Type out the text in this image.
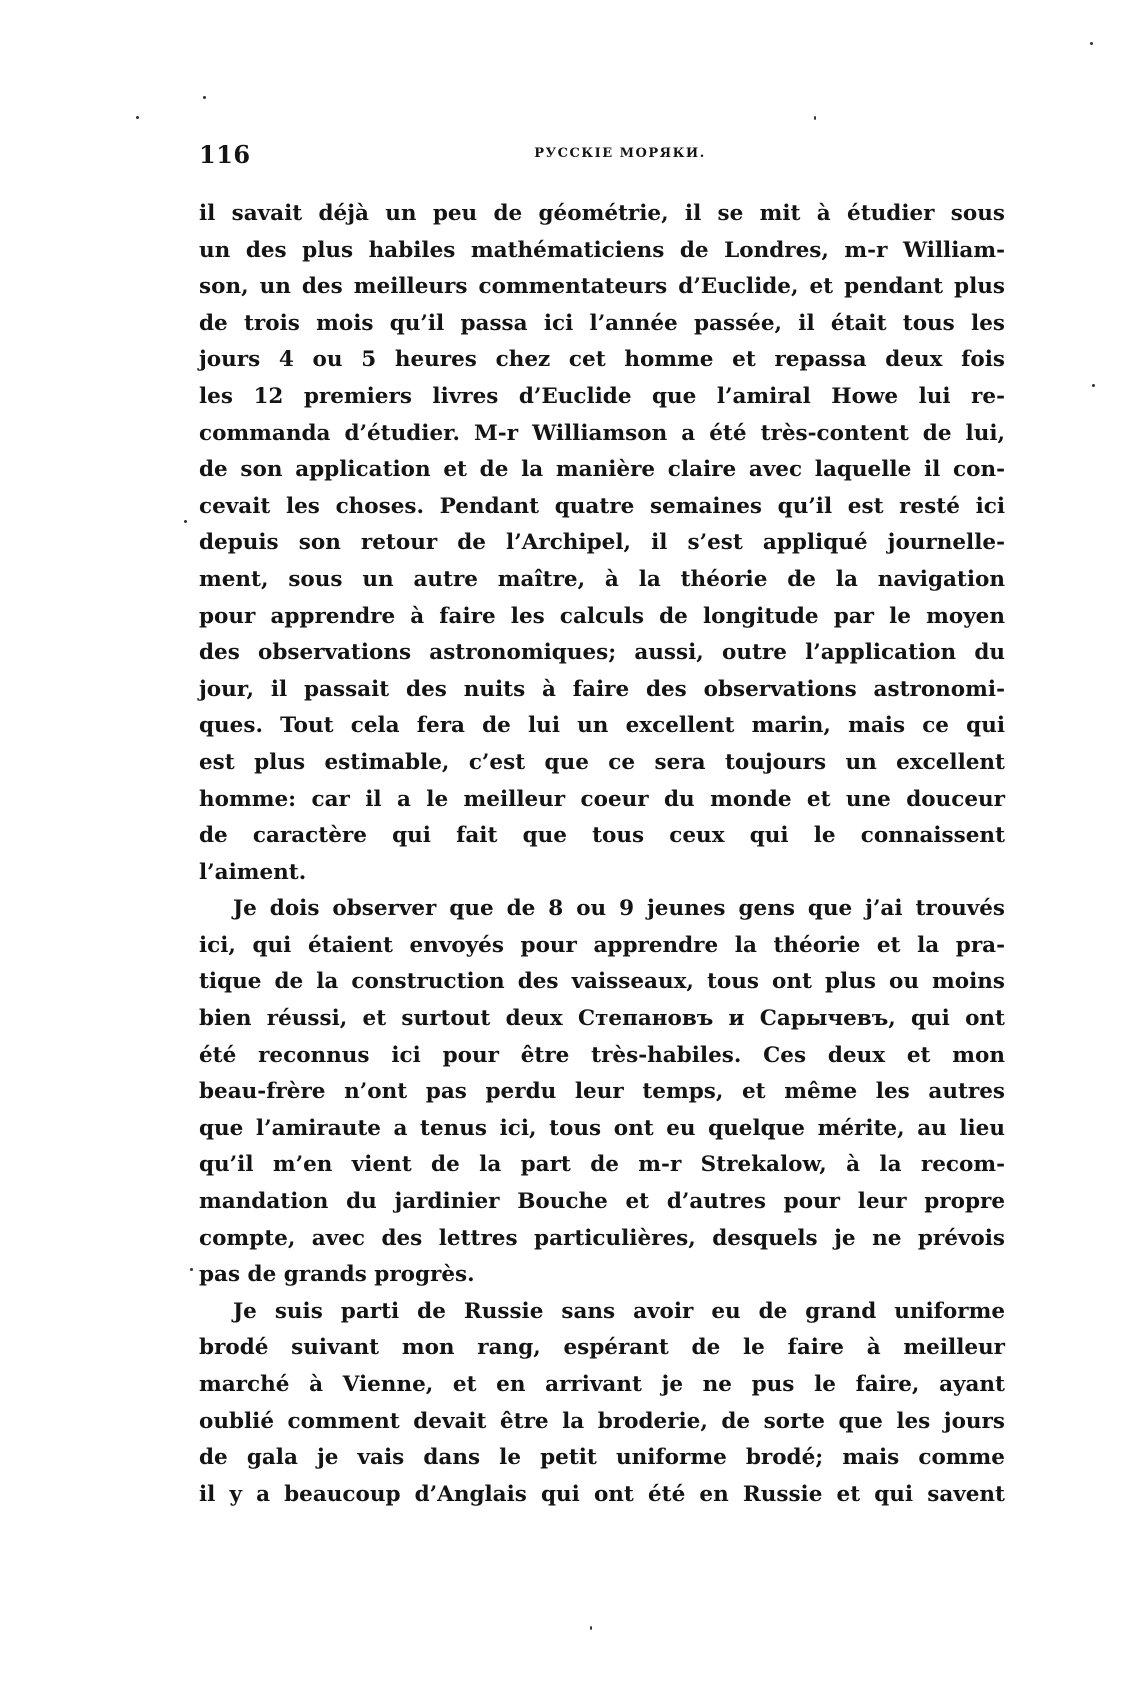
116	РУССКІЕ МОРЯКИ.
il savait déjà un peu de géométrie, il se mit à étudier sous
un des plus habiles mathématiciens de Londres, m-r William-
son, un des meilleurs commentateurs d’Euclide, et pendant plus
de trois mois qu’il passa ici l’année passée, il était tous les
jours 4 ou 5 heures chez cet homme et repassa deux fois
les 12 premiers livres d’Euclide que l’amiral Howe lui re-
commanda d’étudier. M-r Williamson a été très-content de lui,
de son application et de la manière claire avec laquelle il con-
cevait les choses. Pendant quatre semaines qu’il est resté ici
depuis son retour de l’Archipel, il s’est appliqué journelle-
ment, sous un autre maître, à la théorie de la navigation
pour apprendre à faire les calculs de longitude par le moyen
des observations astronomiques; aussi, outre l’application du
jour, il passait des nuits à faire des observations astronomi-
ques. Tout cela fera de lui un excellent marin, mais ce qui
est plus estimable, c’est que ce sera toujours un excellent
homme: car il a le meilleur coeur du monde et une douceur
de caractère qui fait que tous ceux qui le connaissent
l’aiment.
Je dois observer que de 8 ou 9 jeunes gens que j’ai trouvés
ici, qui étaient envoyés pour apprendre la théorie et la pra-
tique de la construction des vaisseaux, tous ont plus ou moins
bien réussi, et surtout deux Степановъ и Сарычевъ, qui ont
été reconnus ici pour être très-habiles. Ces deux et mon
beau-frère n’ont pas perdu leur temps, et même les autres
que l’amiraute a tenus ici, tous ont eu quelque mérite, au lieu
qu’il m’en vient de la part de m-r Strekalow, à la recom-
mandation du jardinier Bouche et d’autres pour leur propre
compte, avec des lettres particulières, desquels je ne prévois
pas de grands progrès.
Je suis parti de Russie sans avoir eu de grand uniforme
brodé suivant mon rang, espérant de le faire à meilleur
marché à Vienne, et en arrivant je ne pus le faire, ayant
oublié comment devait être la broderie, de sorte que les jours
de gala je vais dans le petit uniforme brodé; mais comme
il y a beaucoup d’Anglais qui ont été en Russie et qui savent
